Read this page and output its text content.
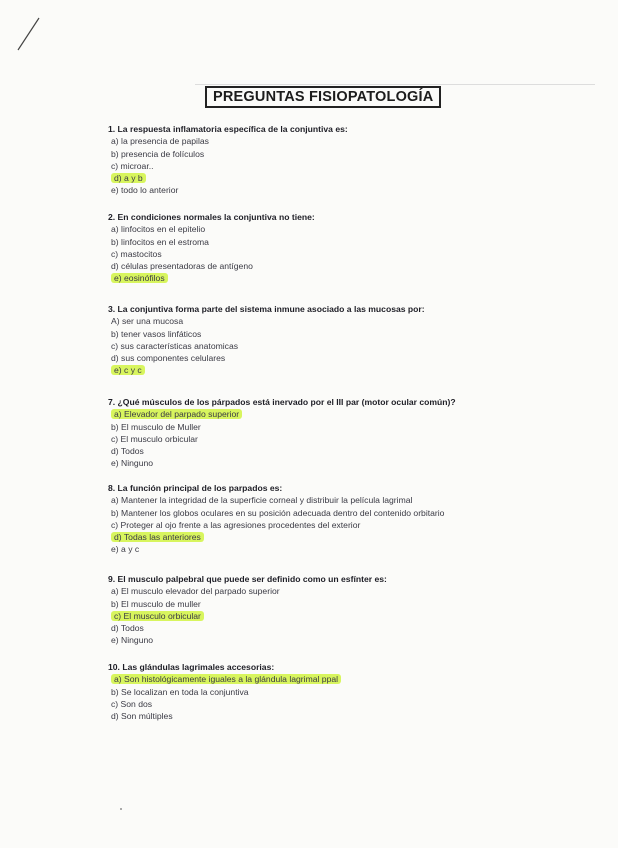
PREGUNTAS FISIOPATOLOGÍA
1. La respuesta inflamatoria específica de la conjuntiva es:
a) la presencia de papilas
b) presencia de folículos
c) microar..
d) a y b
e) todo lo anterior
2. En condiciones normales la conjuntiva no tiene:
a) linfocitos en el epitelio
b) linfocitos en el estroma
c) mastocitos
d) células presentadoras de antígeno
e) eosinófilos
3. La conjuntiva forma parte del sistema inmune asociado a las mucosas por:
A) ser una mucosa
b) tener vasos linfáticos
c) sus características anatomicas
d) sus componentes celulares
e) c y c
7. ¿Qué músculos de los párpados está inervado por el III par (motor ocular común)?
a) Elevador del parpado superior
b) El musculo de Muller
c) El musculo orbicular
d) Todos
e) Ninguno
8. La función principal de los parpados es:
a) Mantener la integridad de la superficie corneal y distribuir la película lagrimal
b) Mantener los globos oculares en su posición adecuada dentro del contenido orbitario
c) Proteger al ojo frente a las agresiones procedentes del exterior
d) Todas las anteriores
e) a y c
9. El musculo palpebral que puede ser definido como un esfínter es:
a) El musculo elevador del parpado superior
b) El musculo de muller
c) El musculo orbicular
d) Todos
e) Ninguno
10. Las glándulas lagrimales accesorias:
a) Son histológicamente iguales a la glándula lagrimal ppal
b) Se localizan en toda la conjuntiva
c) Son dos
d) Son múltiples
